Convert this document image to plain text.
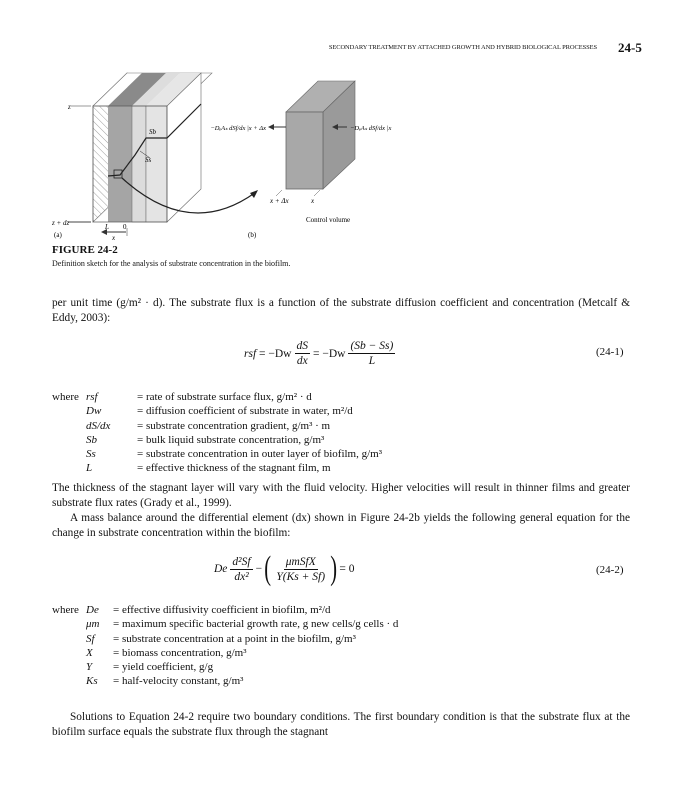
SECONDARY TREATMENT BY ATTACHED GROWTH AND HYBRID BIOLOGICAL PROCESSES 24-5
z
z + dz	L 0
x
(a)
Sb
Ss
−DₑAₛ dSf/dx |x + Δx	−DₑAₛ dSf/dx |x
x + Δx	x
Control volume
(b)
FIGURE 24-2
Definition sketch for the analysis of substrate concentration in the biofilm.
per unit time (g/m² · d). The substrate flux is a function of the substrate diffusion coefficient and concentration (Metcalf & Eddy, 2003):
rsf
= $-Dw \frac{dS}{dx} = -Dw \frac{(Sb - Ss)}{L}$	(24-1)
where rsf	= rate of substrate surface flux, g/m² · d
Dw	= diffusion coefficient of substrate in water, m²/d
dS/dx	= substrate concentration gradient, g/m³ · m
Sb	= bulk liquid substrate concentration, g/m³
Ss	= substrate concentration in outer layer of biofilm, g/m³
L	= effective thickness of the stagnant film, m
The thickness of the stagnant layer will vary with the fluid velocity. Higher velocities will result in thinner films and greater substrate flux rates (Grady et al., 1999).
A mass balance around the differential element (dx) shown in Figure 24-2b yields the following general equation for the change in substrate concentration within the biofilm:
De $\frac{\text{d²Sf}}{\text{dx²}}$ − ( $\frac{\text{μmSfX}}{Y(Ks + Sf)}$ ) = 0	(24-2)
where De	= effective diffusivity coefficient in biofilm, m²/d
μm	= maximum specific bacterial growth rate, g new cells/g cells · d
Sf	= substrate concentration at a point in the biofilm, g/m³
X	= biomass concentration, g/m³
Y	= yield coefficient, g/g
Ks	= half-velocity constant, g/m³
Solutions to Equation 24-2 require two boundary conditions. The first boundary condition is that the substrate flux at the biofilm surface equals the substrate flux through the stagnant
